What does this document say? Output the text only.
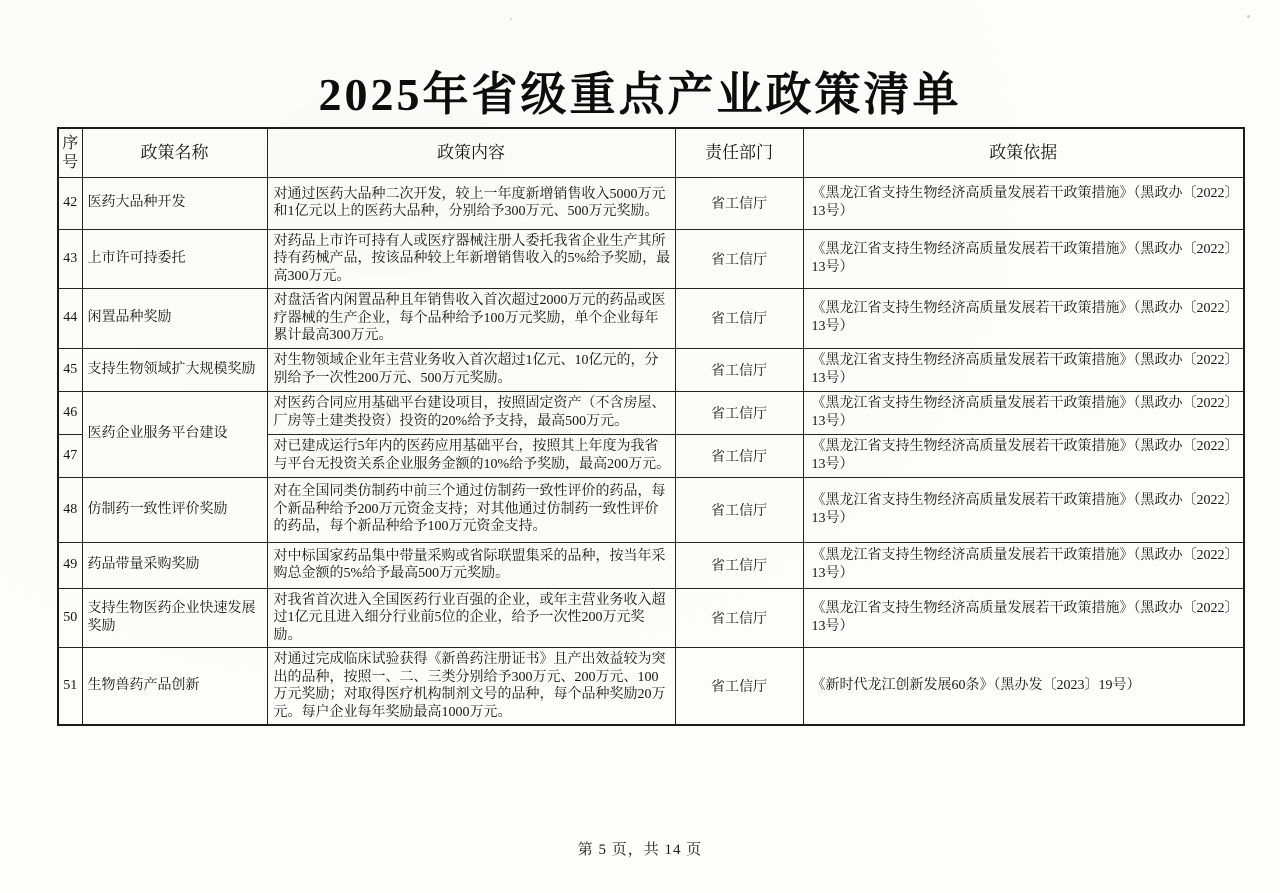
2025年省级重点产业政策清单
序号	政策名称	政策内容	责任部门	政策依据
42	医药大品种开发	对通过医药大品种二次开发，较上一年度新增销售收入5000万元和1亿元以上的医药大品种，分别给予300万元、500万元奖励。	省工信厅	《黑龙江省支持生物经济高质量发展若干政策措施》（黑政办〔2022〕13号）
43	上市许可持委托	对药品上市许可持有人或医疗器械注册人委托我省企业生产其所持有药械产品，按该品种较上年新增销售收入的5%给予奖励，最高300万元。	省工信厅	《黑龙江省支持生物经济高质量发展若干政策措施》（黑政办〔2022〕13号）
44	闲置品种奖励	对盘活省内闲置品种且年销售收入首次超过2000万元的药品或医疗器械的生产企业，每个品种给予100万元奖励，单个企业每年累计最高300万元。	省工信厅	《黑龙江省支持生物经济高质量发展若干政策措施》（黑政办〔2022〕13号）
45	支持生物领域扩大规模奖励	对生物领域企业年主营业务收入首次超过1亿元、10亿元的，分别给予一次性200万元、500万元奖励。	省工信厅	《黑龙江省支持生物经济高质量发展若干政策措施》（黑政办〔2022〕13号）
46	医药企业服务平台建设	对医药合同应用基础平台建设项目，按照固定资产（不含房屋、厂房等土建类投资）投资的20%给予支持，最高500万元。	省工信厅	《黑龙江省支持生物经济高质量发展若干政策措施》（黑政办〔2022〕13号）
47		对已建成运行5年内的医药应用基础平台，按照其上年度为我省与平台无投资关系企业服务金额的10%给予奖励，最高200万元。	省工信厅	《黑龙江省支持生物经济高质量发展若干政策措施》（黑政办〔2022〕13号）
48	仿制药一致性评价奖励	对在全国同类仿制药中前三个通过仿制药一致性评价的药品，每个新品种给予200万元资金支持；对其他通过仿制药一致性评价的药品，每个新品种给予100万元资金支持。	省工信厅	《黑龙江省支持生物经济高质量发展若干政策措施》（黑政办〔2022〕13号）
49	药品带量采购奖励	对中标国家药品集中带量采购或省际联盟集采的品种，按当年采购总金额的5%给予最高500万元奖励。	省工信厅	《黑龙江省支持生物经济高质量发展若干政策措施》（黑政办〔2022〕13号）
50	支持生物医药企业快速发展奖励	对我省首次进入全国医药行业百强的企业，或年主营业务收入超过1亿元且进入细分行业前5位的企业，给予一次性200万元奖励。	省工信厅	《黑龙江省支持生物经济高质量发展若干政策措施》（黑政办〔2022〕13号）
51	生物兽药产品创新	对通过完成临床试验获得《新兽药注册证书》且产出效益较为突出的品种，按照一、二、三类分别给予300万元、200万元、100万元奖励；对取得医疗机构制剂文号的品种，每个品种奖励20万元。每户企业每年奖励最高1000万元。	省工信厅	《新时代龙江创新发展60条》（黑办发〔2023〕19号）
第 5 页，共 14 页
